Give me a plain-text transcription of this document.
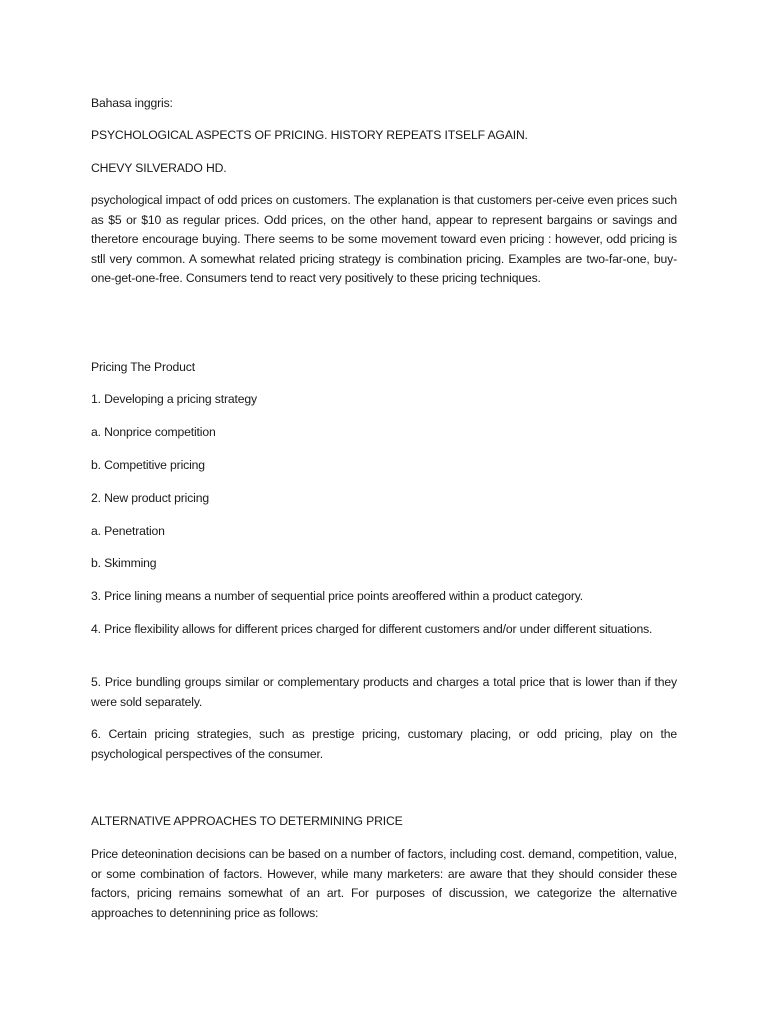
Bahasa inggris:

PSYCHOLOGICAL ASPECTS OF PRICING. HISTORY REPEATS ITSELF AGAIN.

CHEVY SILVERADO HD.

psychological impact of odd prices on customers. The explanation is that customers per-ceive even prices such as $5 or $10 as regular prices. Odd prices, on the other hand, appear to represent bargains or savings and theretore encourage buying. There seems to be some movement toward even pricing : however, odd pricing is stll very common. A somewhat related pricing strategy is combination pricing. Examples are two-far-one, buy-one-get-one-free. Consumers tend to react very positively to these pricing techniques.

Pricing The Product

1. Developing a pricing strategy

a. Nonprice competition

b. Competitive pricing

2. New product pricing

a. Penetration

b. Skimming

3. Price lining means a number of sequential price points areoffered within a product category.

4. Price flexibility allows for different prices charged for different customers and/or under different situations.

5. Price bundling groups similar or complementary products and charges a total price that is lower than if they were sold separately.

6. Certain pricing strategies, such as prestige pricing, customary placing, or odd pricing, play on the psychological perspectives of the consumer.

ALTERNATIVE APPROACHES TO DETERMINING PRICE

Price deteonination decisions can be based on a number of factors, including cost. demand, competition, value, or some combination of factors. However, while many marketers: are aware that they should consider these factors, pricing remains somewhat of an art. For purposes of discussion, we categorize the alternative approaches to detennining price as follows:
